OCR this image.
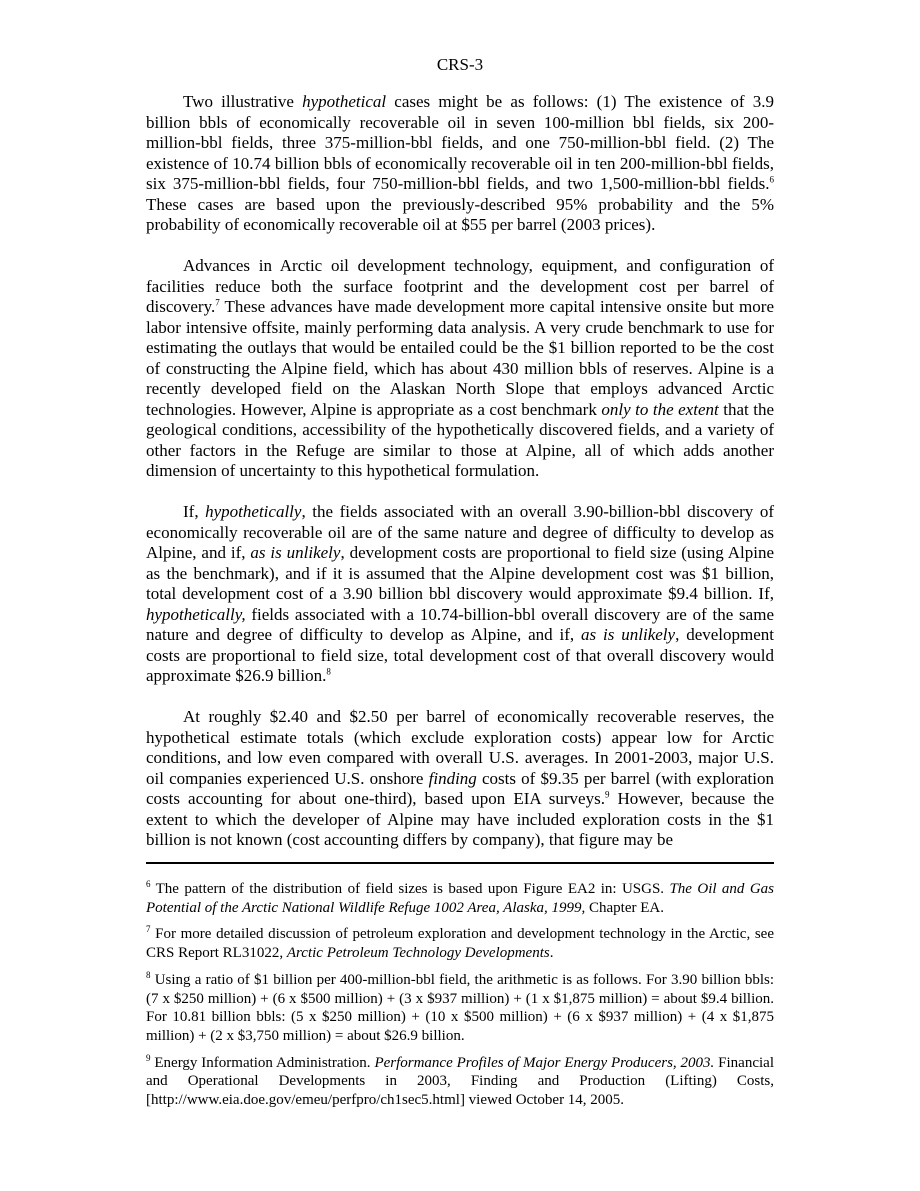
CRS-3

Two illustrative hypothetical cases might be as follows: (1) The existence of 3.9 billion bbls of economically recoverable oil in seven 100-million bbl fields, six 200-million-bbl fields, three 375-million-bbl fields, and one 750-million-bbl field. (2) The existence of 10.74 billion bbls of economically recoverable oil in ten 200-million-bbl fields, six 375-million-bbl fields, four 750-million-bbl fields, and two 1,500-million-bbl fields.$^6$ These cases are based upon the previously-described 95% probability and the 5% probability of economically recoverable oil at $55 per barrel (2003 prices).

Advances in Arctic oil development technology, equipment, and configuration of facilities reduce both the surface footprint and the development cost per barrel of discovery.$^7$ These advances have made development more capital intensive onsite but more labor intensive offsite, mainly performing data analysis. A very crude benchmark to use for estimating the outlays that would be entailed could be the $1 billion reported to be the cost of constructing the Alpine field, which has about 430 million bbls of reserves. Alpine is a recently developed field on the Alaskan North Slope that employs advanced Arctic technologies. However, Alpine is appropriate as a cost benchmark only to the extent that the geological conditions, accessibility of the hypothetically discovered fields, and a variety of other factors in the Refuge are similar to those at Alpine, all of which adds another dimension of uncertainty to this hypothetical formulation.

If, hypothetically, the fields associated with an overall 3.90-billion-bbl discovery of economically recoverable oil are of the same nature and degree of difficulty to develop as Alpine, and if, as is unlikely, development costs are proportional to field size (using Alpine as the benchmark), and if it is assumed that the Alpine development cost was $1 billion, total development cost of a 3.90 billion bbl discovery would approximate $9.4 billion. If, hypothetically, fields associated with a 10.74-billion-bbl overall discovery are of the same nature and degree of difficulty to develop as Alpine, and if, as is unlikely, development costs are proportional to field size, total development cost of that overall discovery would approximate $26.9 billion.$^8$

At roughly $2.40 and $2.50 per barrel of economically recoverable reserves, the hypothetical estimate totals (which exclude exploration costs) appear low for Arctic conditions, and low even compared with overall U.S. averages. In 2001-2003, major U.S. oil companies experienced U.S. onshore finding costs of $9.35 per barrel (with exploration costs accounting for about one-third), based upon EIA surveys.$^9$ However, because the extent to which the developer of Alpine may have included exploration costs in the $1 billion is not known (cost accounting differs by company), that figure may be

$^6$ The pattern of the distribution of field sizes is based upon Figure EA2 in: USGS. The Oil and Gas Potential of the Arctic National Wildlife Refuge 1002 Area, Alaska, 1999, Chapter EA.

$^7$ For more detailed discussion of petroleum exploration and development technology in the Arctic, see CRS Report RL31022, Arctic Petroleum Technology Developments.

$^8$ Using a ratio of $1 billion per 400-million-bbl field, the arithmetic is as follows. For 3.90 billion bbls: (7 x $250 million) + (6 x $500 million) + (3 x $937 million) + (1 x $1,875 million) = about $9.4 billion. For 10.81 billion bbls: (5 x $250 million) + (10 x $500 million) + (6 x $937 million) + (4 x $1,875 million) + (2 x $3,750 million) = about $26.9 billion.

$^9$ Energy Information Administration. Performance Profiles of Major Energy Producers, 2003. Financial and Operational Developments in 2003, Finding and Production (Lifting) Costs, [http://www.eia.doe.gov/emeu/perfpro/ch1sec5.html] viewed October 14, 2005.
